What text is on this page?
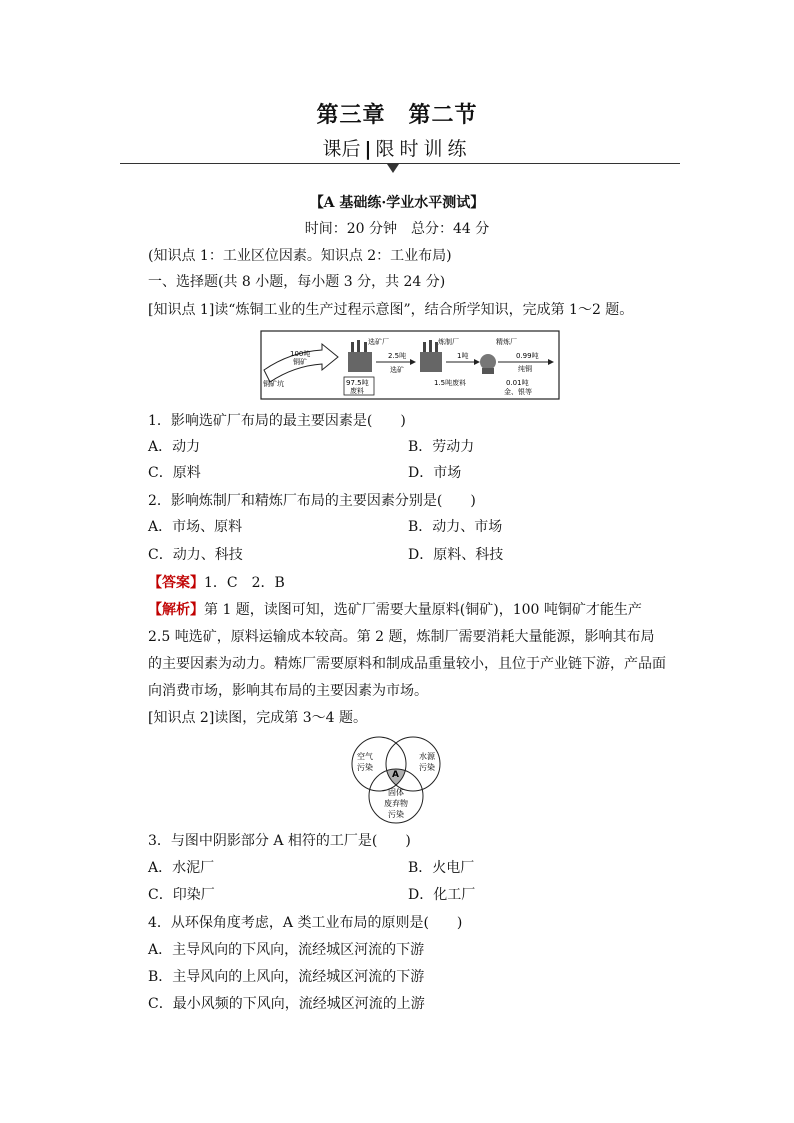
第三章　第二节
课后 | 限时训练
【A 基础练·学业水平测试】
时间：20 分钟　总分：44 分
(知识点 1：工业区位因素。知识点 2：工业布局)
一、选择题(共 8 小题，每小题 3 分，共 24 分)
[知识点 1]读“炼铜工业的生产过程示意图”，结合所学知识，完成第 1～2 题。
100吨
铜矿
铜矿坑
选矿厂
97.5吨
废料
2.5吨
选矿
炼制厂
1吨
1.5吨废料
精炼厂
0.99吨
纯铜
0.01吨
金、银等
1．影响选矿厂布局的最主要因素是(　　)
A．动力	B．劳动力
C．原料	D．市场
2．影响炼制厂和精炼厂布局的主要因素分别是(　　)
A．市场、原料	B．动力、市场
C．动力、科技	D．原料、科技
【答案】1．C　2．B
【解析】第 1 题，读图可知，选矿厂需要大量原料(铜矿)，100 吨铜矿才能生产 2.5 吨选矿，原料运输成本较高。第 2 题，炼制厂需要消耗大量能源，影响其布局的主要因素为动力。精炼厂需要原料和制成品重量较小，且位于产业链下游，产品面向消费市场，影响其布局的主要因素为市场。
[知识点 2]读图，完成第 3～4 题。
空气
污染
水源
污染
A
固体
废弃物
污染
3．与图中阴影部分 A 相符的工厂是(　　)
A．水泥厂	B．火电厂
C．印染厂	D．化工厂
4．从环保角度考虑，A 类工业布局的原则是(　　)
A．主导风向的下风向，流经城区河流的下游
B．主导风向的上风向，流经城区河流的下游
C．最小风频的下风向，流经城区河流的上游
